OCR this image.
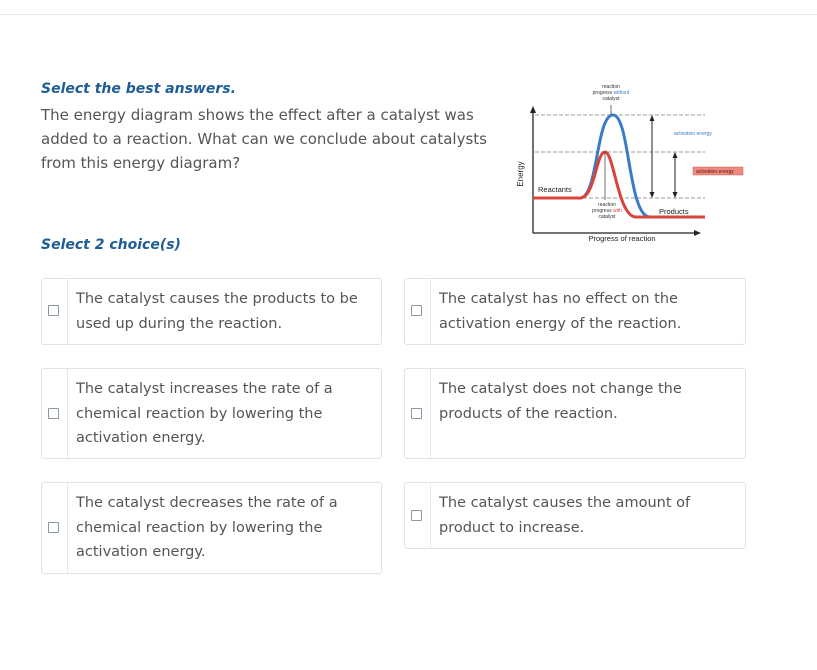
Select the best answers.
The energy diagram shows the effect after a catalyst was added to a reaction. What can we conclude about catalysts from this energy diagram?	Energy
Progress of reaction
Reactants
Products
reaction
progress without
catalyst
reaction
progress with
catalyst
activation energy
activation energy
Select 2 choice(s)
The catalyst causes the products to be used up during the reaction.
The catalyst has no effect on the activation energy of the reaction.
The catalyst increases the rate of a chemical reaction by lowering the activation energy.
The catalyst does not change the products of the reaction.
The catalyst decreases the rate of a chemical reaction by lowering the activation energy.
The catalyst causes the amount of product to increase.
